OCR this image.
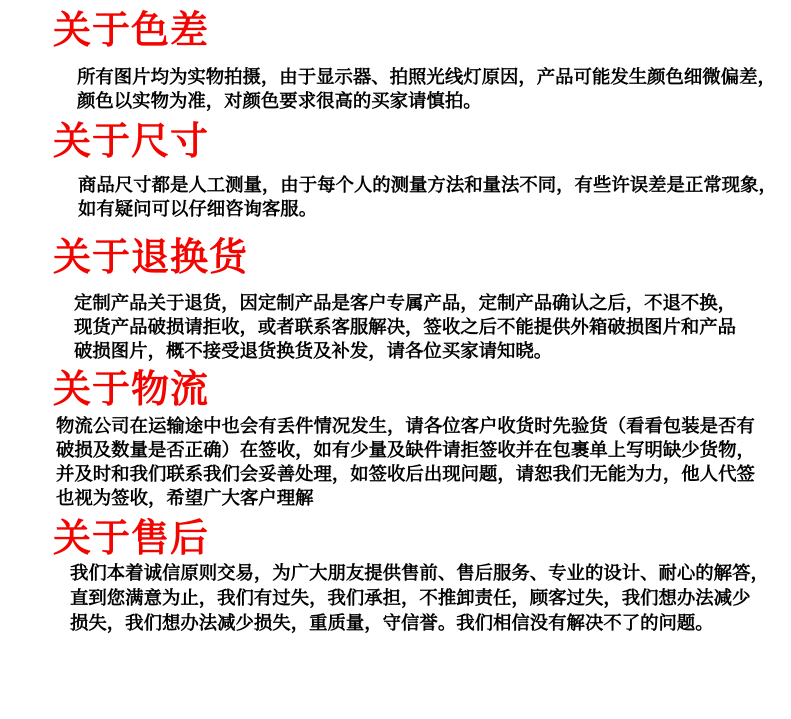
关于色差
所有图片均为实物拍摄，由于显示器、拍照光线灯原因，产品可能发生颜色细微偏差，
颜色以实物为准，对颜色要求很高的买家请慎拍。
关于尺寸
商品尺寸都是人工测量，由于每个人的测量方法和量法不同，有些许误差是正常现象，
如有疑问可以仔细咨询客服。
关于退换货
定制产品关于退货，因定制产品是客户专属产品，定制产品确认之后，不退不换，
现货产品破损请拒收，或者联系客服解决，签收之后不能提供外箱破损图片和产品
破损图片，概不接受退货换货及补发，请各位买家请知晓。
关于物流
物流公司在运输途中也会有丢件情况发生，请各位客户收货时先验货（看看包装是否有
破损及数量是否正确）在签收，如有少量及缺件请拒签收并在包裹单上写明缺少货物，
并及时和我们联系我们会妥善处理，如签收后出现问题，请恕我们无能为力，他人代签
也视为签收，希望广大客户理解
关于售后
我们本着诚信原则交易，为广大朋友提供售前、售后服务、专业的设计、耐心的解答，
直到您满意为止，我们有过失，我们承担，不推卸责任，顾客过失，我们想办法减少
损失，我们想办法减少损失，重质量，守信誉。我们相信没有解决不了的问题。
